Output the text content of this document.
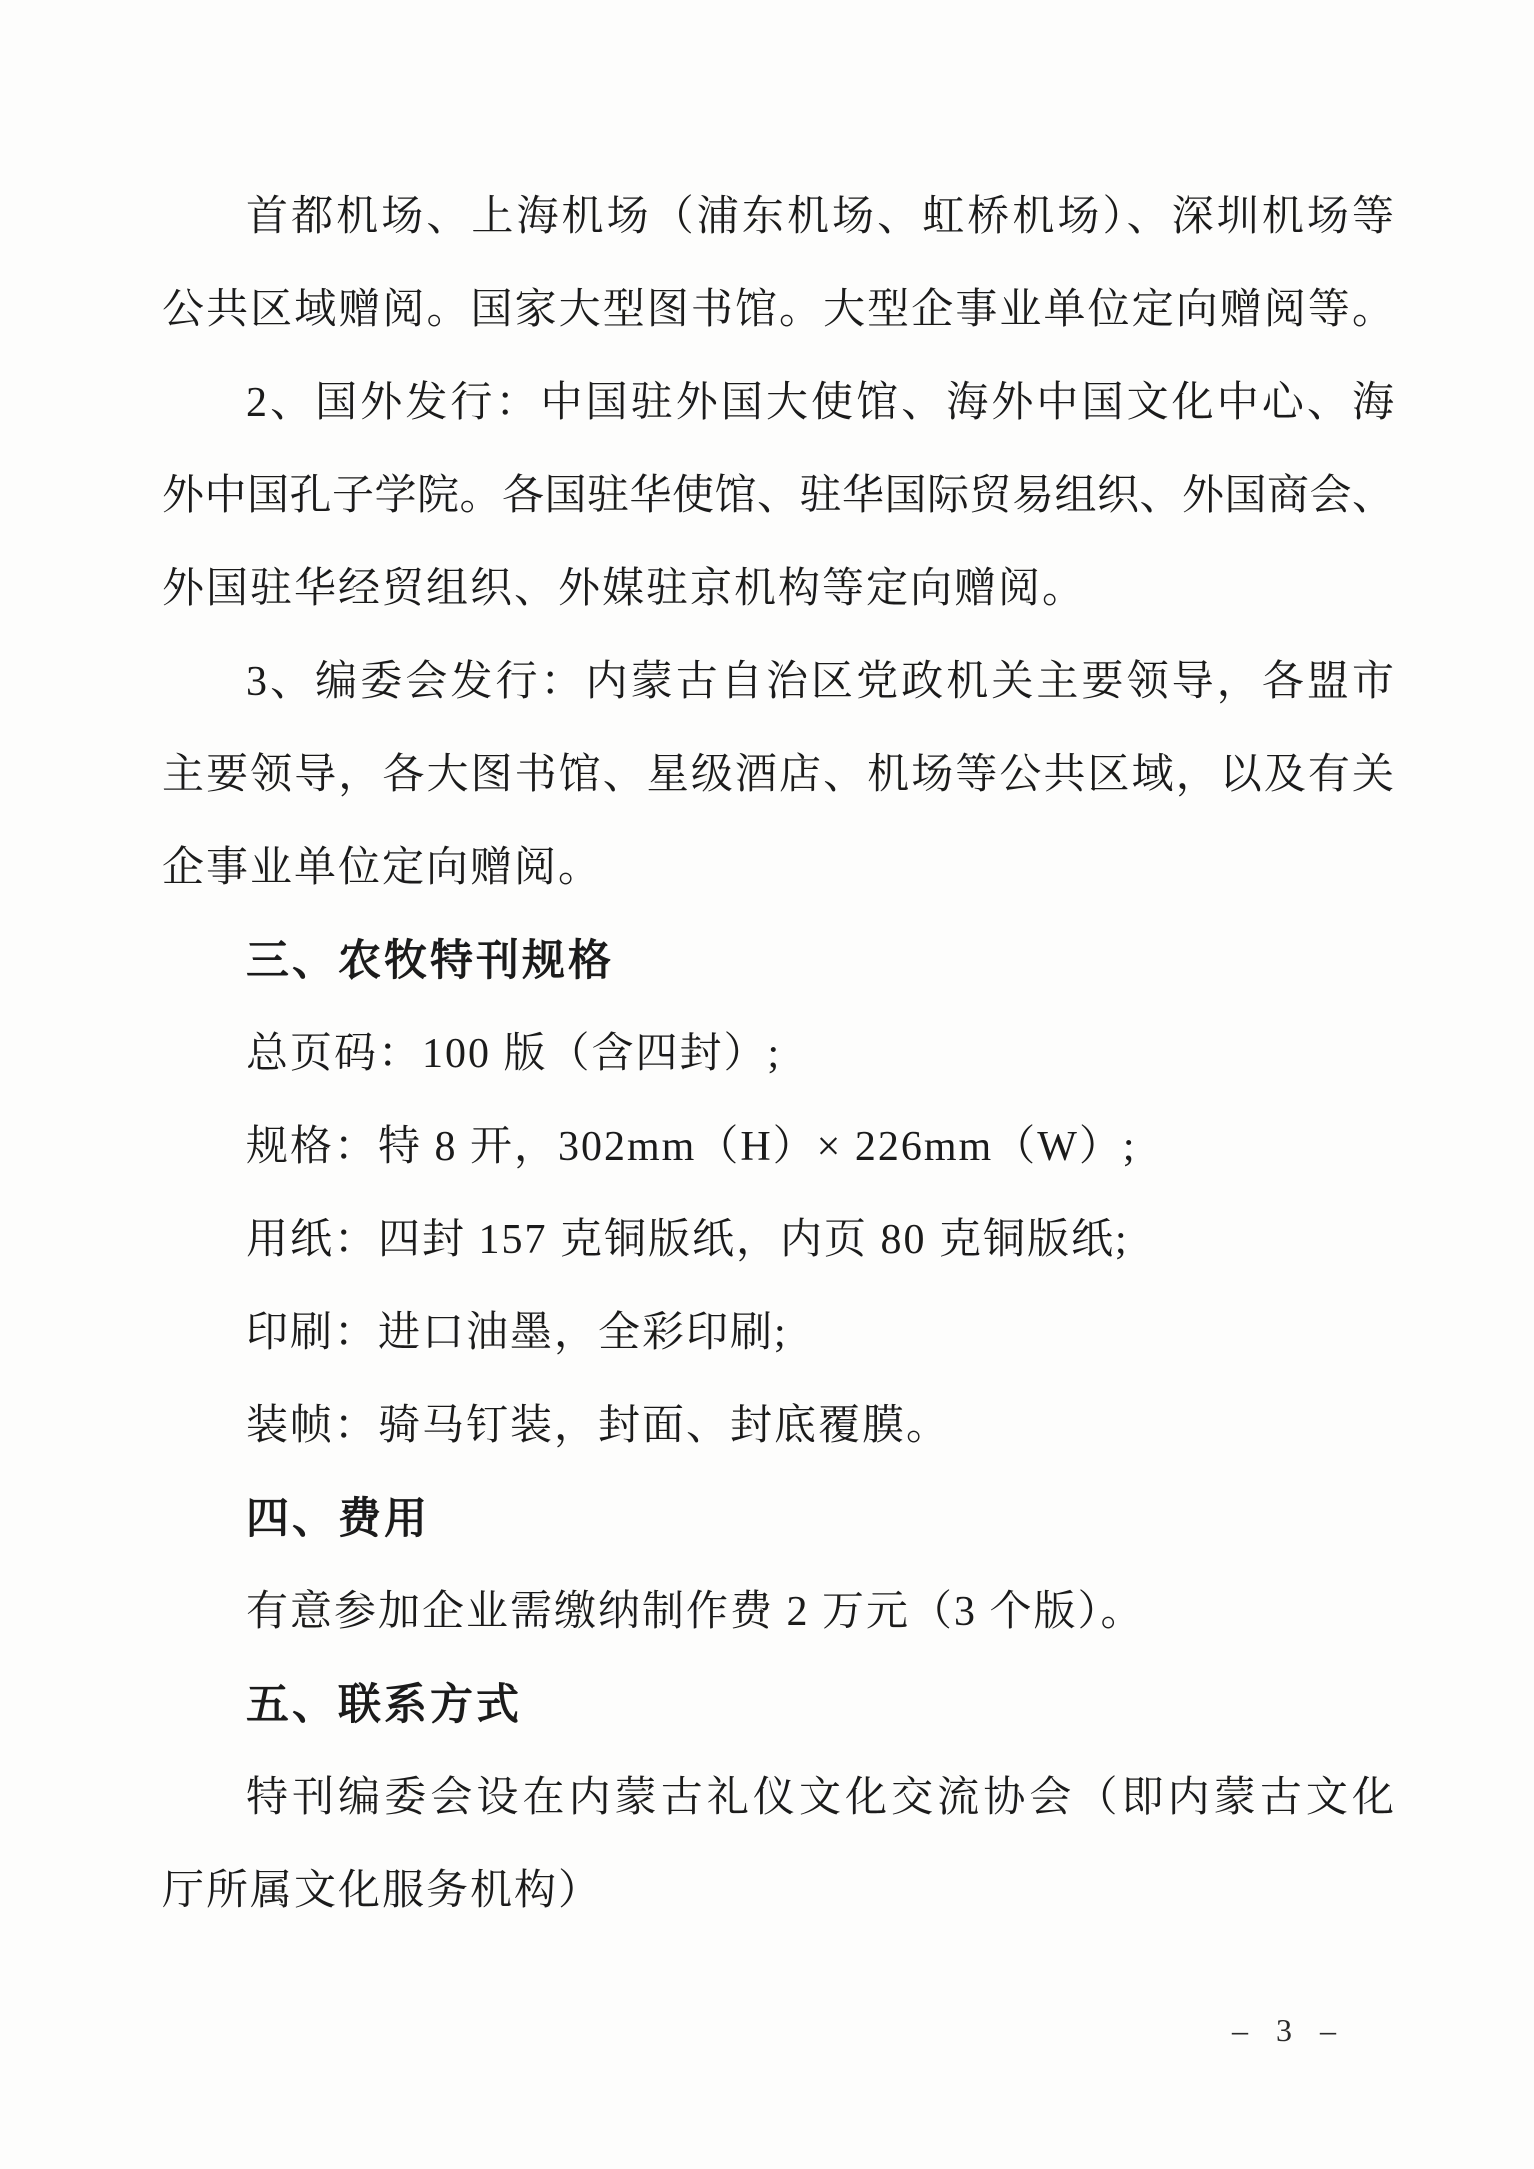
首都机场、上海机场（浦东机场、虹桥机场）、深圳机场等
公共区域赠阅。国家大型图书馆。大型企事业单位定向赠阅等。
2、国外发行：中国驻外国大使馆、海外中国文化中心、海
外中国孔子学院。各国驻华使馆、驻华国际贸易组织、外国商会、
外国驻华经贸组织、外媒驻京机构等定向赠阅。
3、编委会发行：内蒙古自治区党政机关主要领导，各盟市
主要领导，各大图书馆、星级酒店、机场等公共区域，以及有关
企事业单位定向赠阅。
三、农牧特刊规格
总页码：100 版（含四封）;
规格：特 8 开，302mm（H）× 226mm（W）;
用纸：四封 157 克铜版纸，内页 80 克铜版纸;
印刷：进口油墨，全彩印刷;
装帧：骑马钉装，封面、封底覆膜。
四、费用
有意参加企业需缴纳制作费 2 万元（3 个版）。
五、联系方式
特刊编委会设在内蒙古礼仪文化交流协会（即内蒙古文化
厅所属文化服务机构）
– 3 –
